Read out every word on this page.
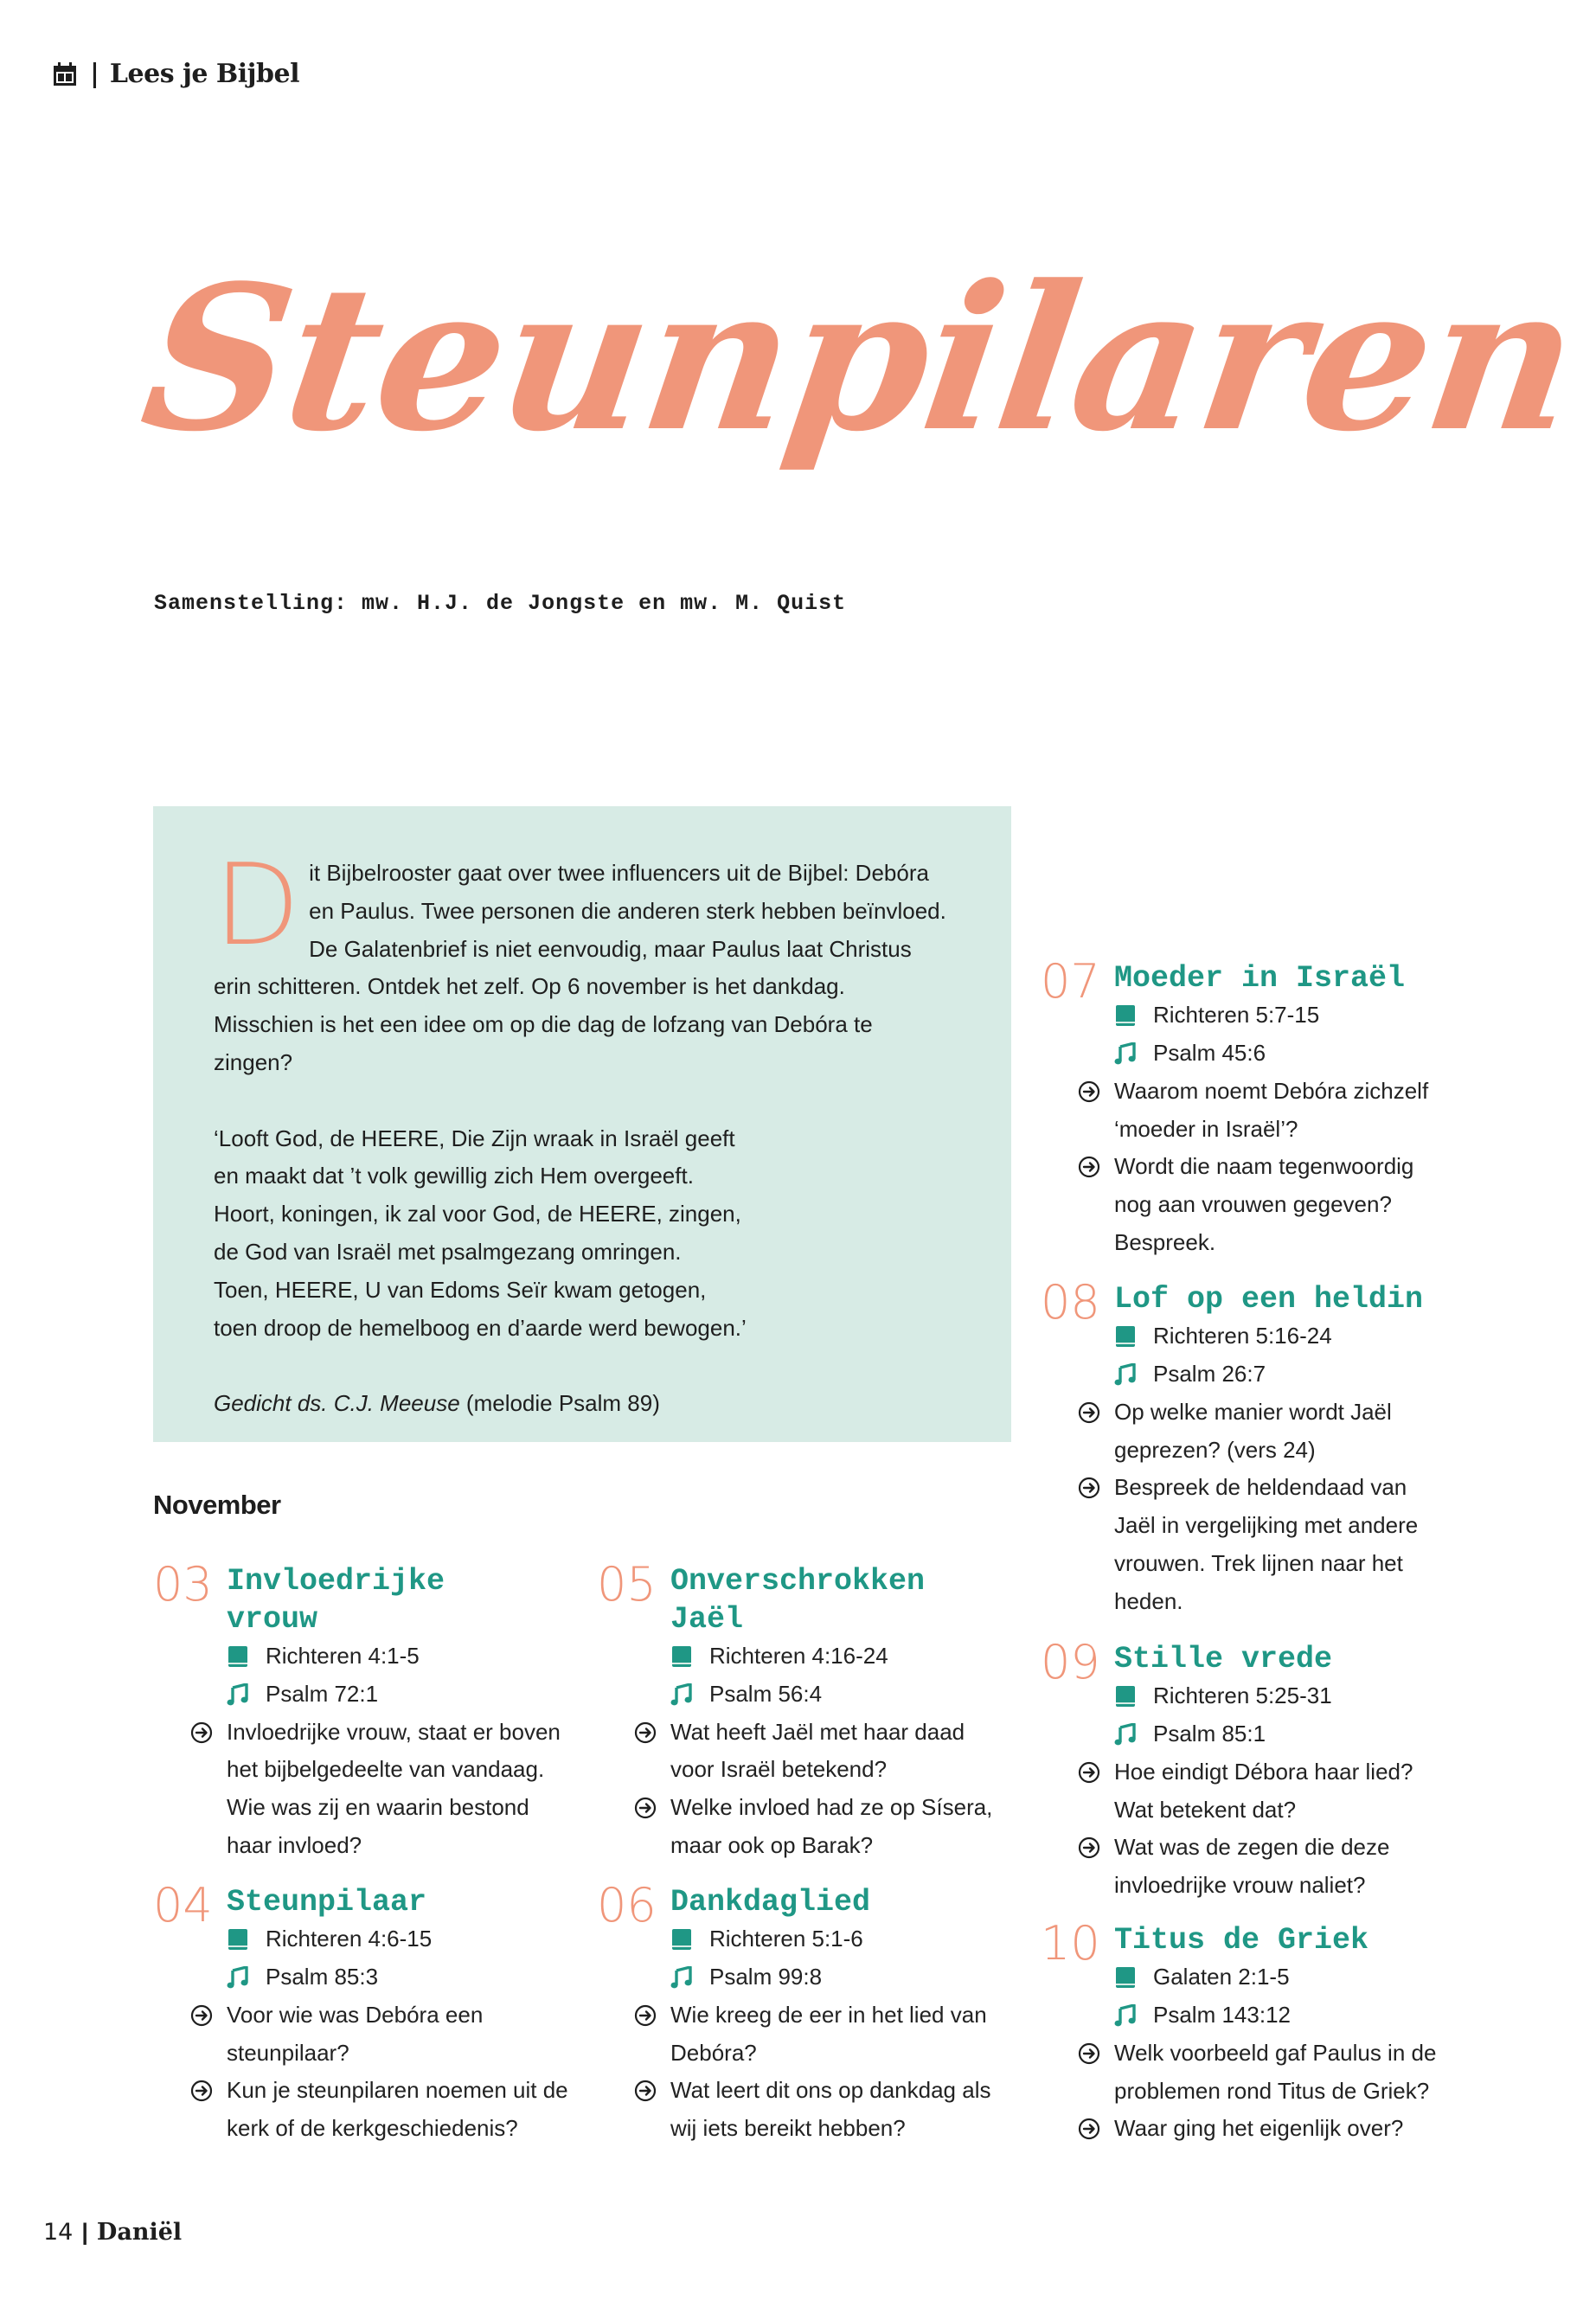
| Lees je Bijbel
Steunpilaren
Samenstelling: mw. H.J. de Jongste en mw. M. Quist

Dit Bijbelrooster gaat over twee influencers uit de Bijbel: Debóra en Paulus. Twee personen die anderen sterk hebben beïnvloed. De Galatenbrief is niet eenvoudig, maar Paulus laat Christus erin schitteren. Ontdek het zelf. Op 6 november is het dankdag. Misschien is het een idee om op die dag de lofzang van Debóra te zingen?

‘Looft God, de HEERE, Die Zijn wraak in Israël geeft
en maakt dat ’t volk gewillig zich Hem overgeeft.
Hoort, koningen, ik zal voor God, de HEERE, zingen,
de God van Israël met psalmgezang omringen.
Toen, HEERE, U van Edoms Seïr kwam getogen,
toen droop de hemelboog en d’aarde werd bewogen.’

Gedicht ds. C.J. Meeuse (melodie Psalm 89)

November
03 Invloedrijke vrouw
Richteren 4:1-5
Psalm 72:1
Invloedrijke vrouw, staat er boven het bijbelgedeelte van vandaag. Wie was zij en waarin bestond haar invloed?
04 Steunpilaar
Richteren 4:6-15
Psalm 85:3
Voor wie was Debóra een steunpilaar?
Kun je steunpilaren noemen uit de kerk of de kerkgeschiedenis?
05 Onverschrokken Jaël
Richteren 4:16-24
Psalm 56:4
Wat heeft Jaël met haar daad voor Israël betekend?
Welke invloed had ze op Sísera, maar ook op Barak?
06 Dankdaglied
Richteren 5:1-6
Psalm 99:8
Wie kreeg de eer in het lied van Debóra?
Wat leert dit ons op dankdag als wij iets bereikt hebben?
07 Moeder in Israël
Richteren 5:7-15
Psalm 45:6
Waarom noemt Debóra zichzelf ‘moeder in Israël’?
Wordt die naam tegenwoordig nog aan vrouwen gegeven? Bespreek.
08 Lof op een heldin
Richteren 5:16-24
Psalm 26:7
Op welke manier wordt Jaël geprezen? (vers 24)
Bespreek de heldendaad van Jaël in vergelijking met andere vrouwen. Trek lijnen naar het heden.
09 Stille vrede
Richteren 5:25-31
Psalm 85:1
Hoe eindigt Débora haar lied? Wat betekent dat?
Wat was de zegen die deze invloedrijke vrouw naliet?
10 Titus de Griek
Galaten 2:1-5
Psalm 143:12
Welk voorbeeld gaf Paulus in de problemen rond Titus de Griek?
Waar ging het eigenlijk over?
14 | Daniël
